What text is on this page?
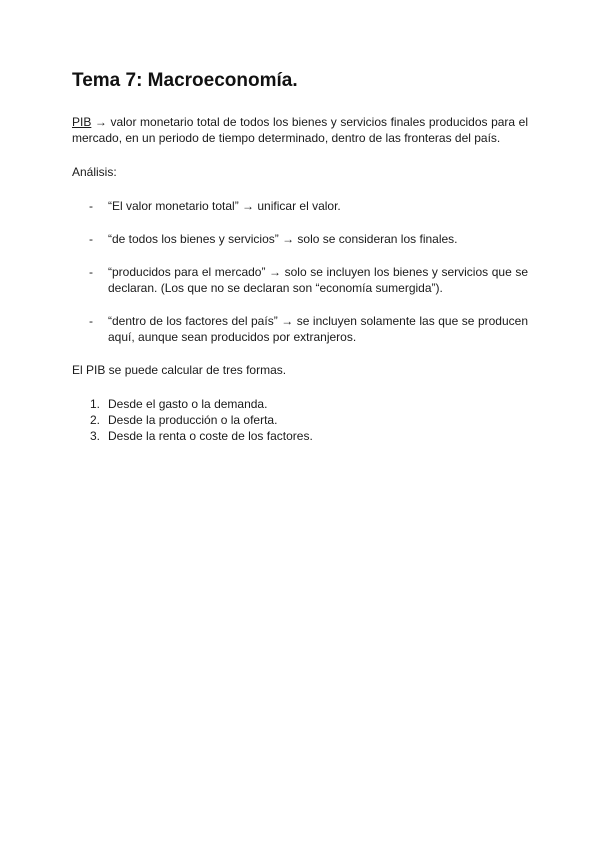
Tema 7: Macroeconomía.

PIB → valor monetario total de todos los bienes y servicios finales producidos para el mercado, en un periodo de tiempo determinado, dentro de las fronteras del país.

Análisis:

- “El valor monetario total” → unificar el valor.
- “de todos los bienes y servicios” → solo se consideran los finales.
- “producidos para el mercado” → solo se incluyen los bienes y servicios que se declaran. (Los que no se declaran son “economía sumergida”).
- “dentro de los factores del país” → se incluyen solamente las que se producen aquí, aunque sean producidos por extranjeros.

El PIB se puede calcular de tres formas.

1. Desde el gasto o la demanda.
2. Desde la producción o la oferta.
3. Desde la renta o coste de los factores.
